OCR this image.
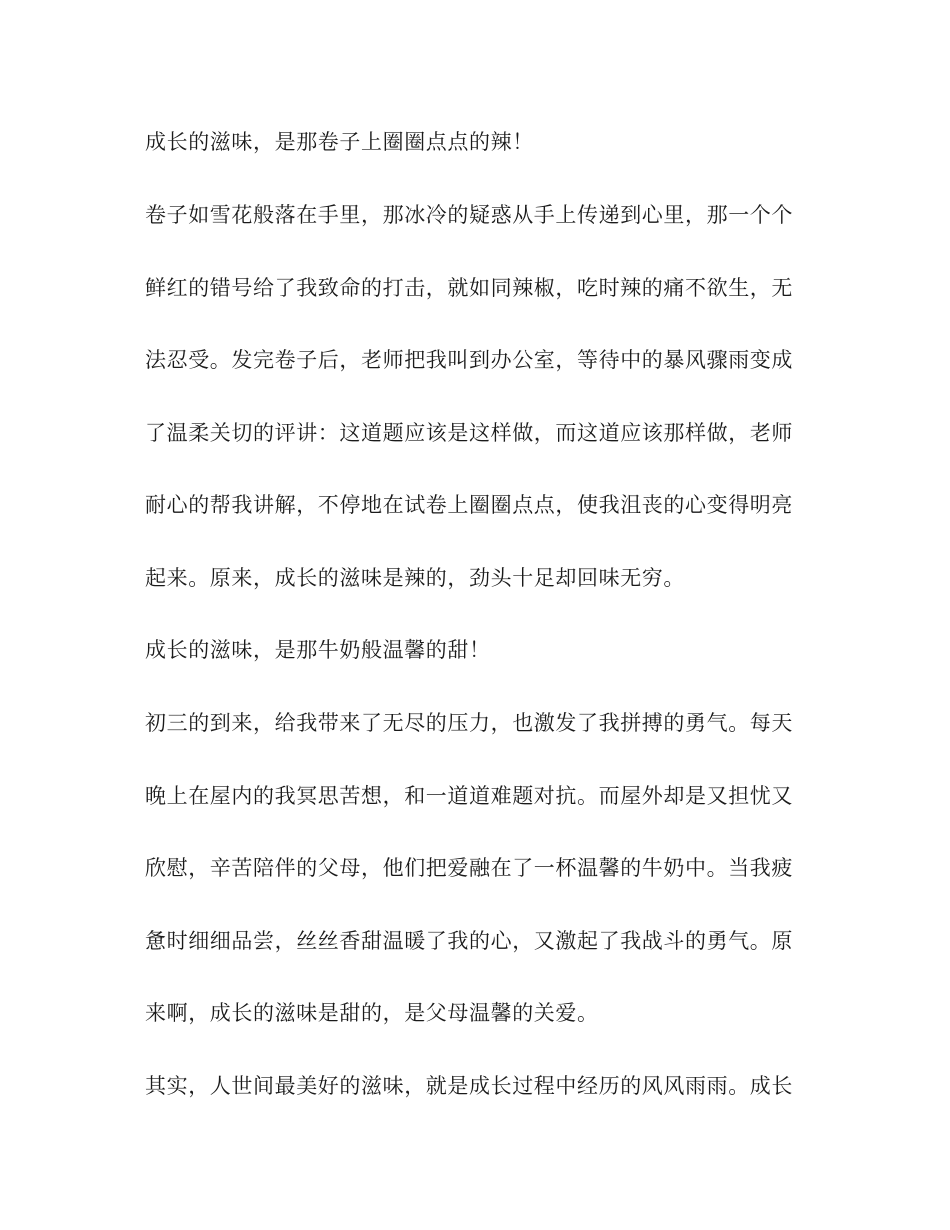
成长的滋味，是那卷子上圈圈点点的辣！

卷子如雪花般落在手里，那冰冷的疑惑从手上传递到心里，那一个个

鲜红的错号给了我致命的打击，就如同辣椒，吃时辣的痛不欲生，无

法忍受。发完卷子后，老师把我叫到办公室，等待中的暴风骤雨变成

了温柔关切的评讲：这道题应该是这样做，而这道应该那样做，老师

耐心的帮我讲解，不停地在试卷上圈圈点点，使我沮丧的心变得明亮

起来。原来，成长的滋味是辣的，劲头十足却回味无穷。

成长的滋味，是那牛奶般温馨的甜！

初三的到来，给我带来了无尽的压力，也激发了我拼搏的勇气。每天

晚上在屋内的我冥思苦想，和一道道难题对抗。而屋外却是又担忧又

欣慰，辛苦陪伴的父母，他们把爱融在了一杯温馨的牛奶中。当我疲

惫时细细品尝，丝丝香甜温暖了我的心，又激起了我战斗的勇气。原

来啊，成长的滋味是甜的，是父母温馨的关爱。

其实，人世间最美好的滋味，就是成长过程中经历的风风雨雨。成长
